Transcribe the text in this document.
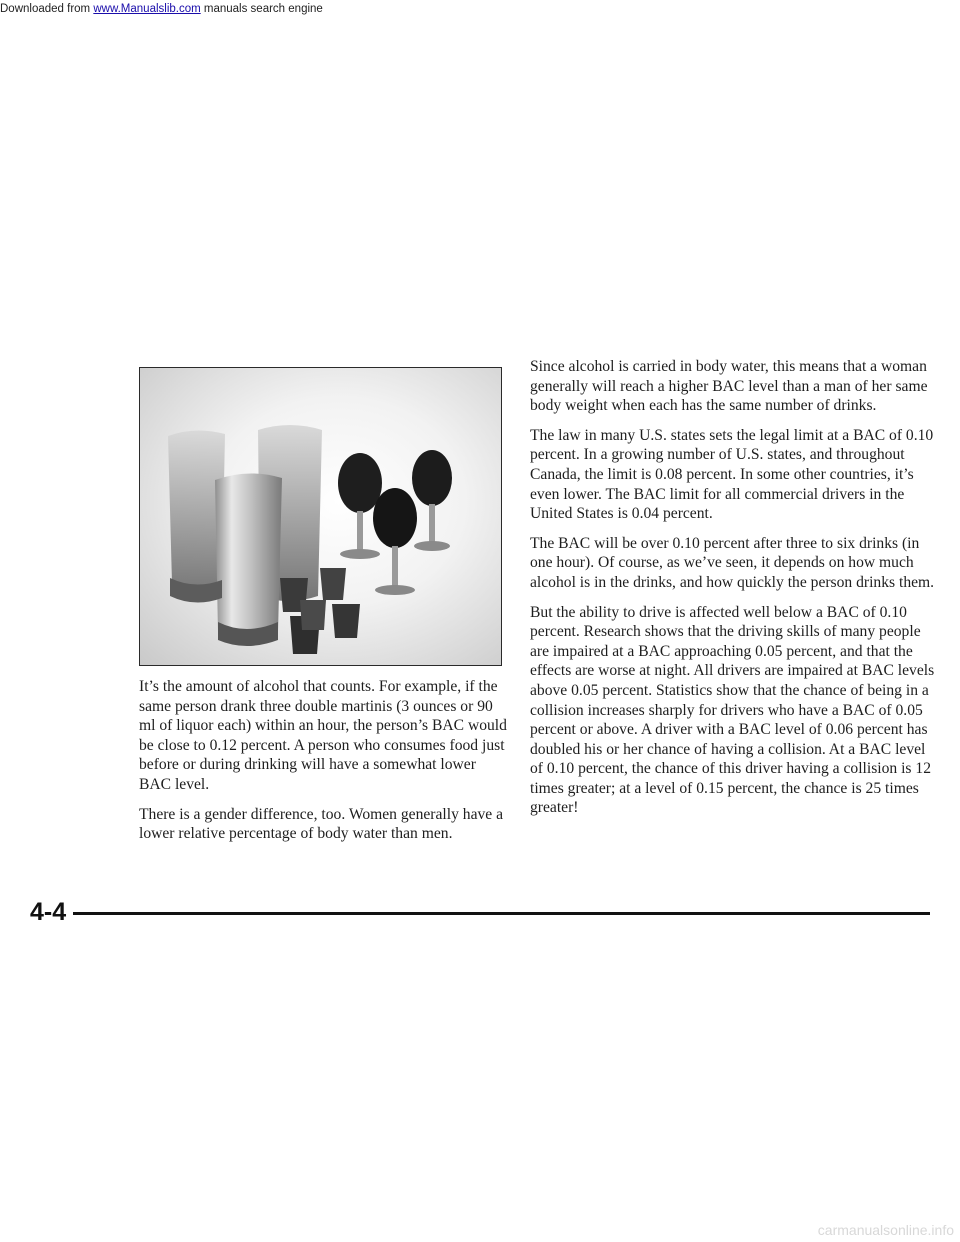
Downloaded from www.Manualslib.com manuals search engine

It’s the amount of alcohol that counts. For example, if the same person drank three double martinis (3 ounces or 90 ml of liquor each) within an hour, the person’s BAC would be close to 0.12 percent. A person who consumes food just before or during drinking will have a somewhat lower BAC level.

There is a gender difference, too. Women generally have a lower relative percentage of body water than men.

Since alcohol is carried in body water, this means that a woman generally will reach a higher BAC level than a man of her same body weight when each has the same number of drinks.

The law in many U.S. states sets the legal limit at a BAC of 0.10 percent. In a growing number of U.S. states, and throughout Canada, the limit is 0.08 percent. In some other countries, it’s even lower. The BAC limit for all commercial drivers in the United States is 0.04 percent.

The BAC will be over 0.10 percent after three to six drinks (in one hour). Of course, as we’ve seen, it depends on how much alcohol is in the drinks, and how quickly the person drinks them.

But the ability to drive is affected well below a BAC of 0.10 percent. Research shows that the driving skills of many people are impaired at a BAC approaching 0.05 percent, and that the effects are worse at night. All drivers are impaired at BAC levels above 0.05 percent. Statistics show that the chance of being in a collision increases sharply for drivers who have a BAC of 0.05 percent or above. A driver with a BAC level of 0.06 percent has doubled his or her chance of having a collision. At a BAC level of 0.10 percent, the chance of this driver having a collision is 12 times greater; at a level of 0.15 percent, the chance is 25 times greater!

4-4
carmanualsonline.info
